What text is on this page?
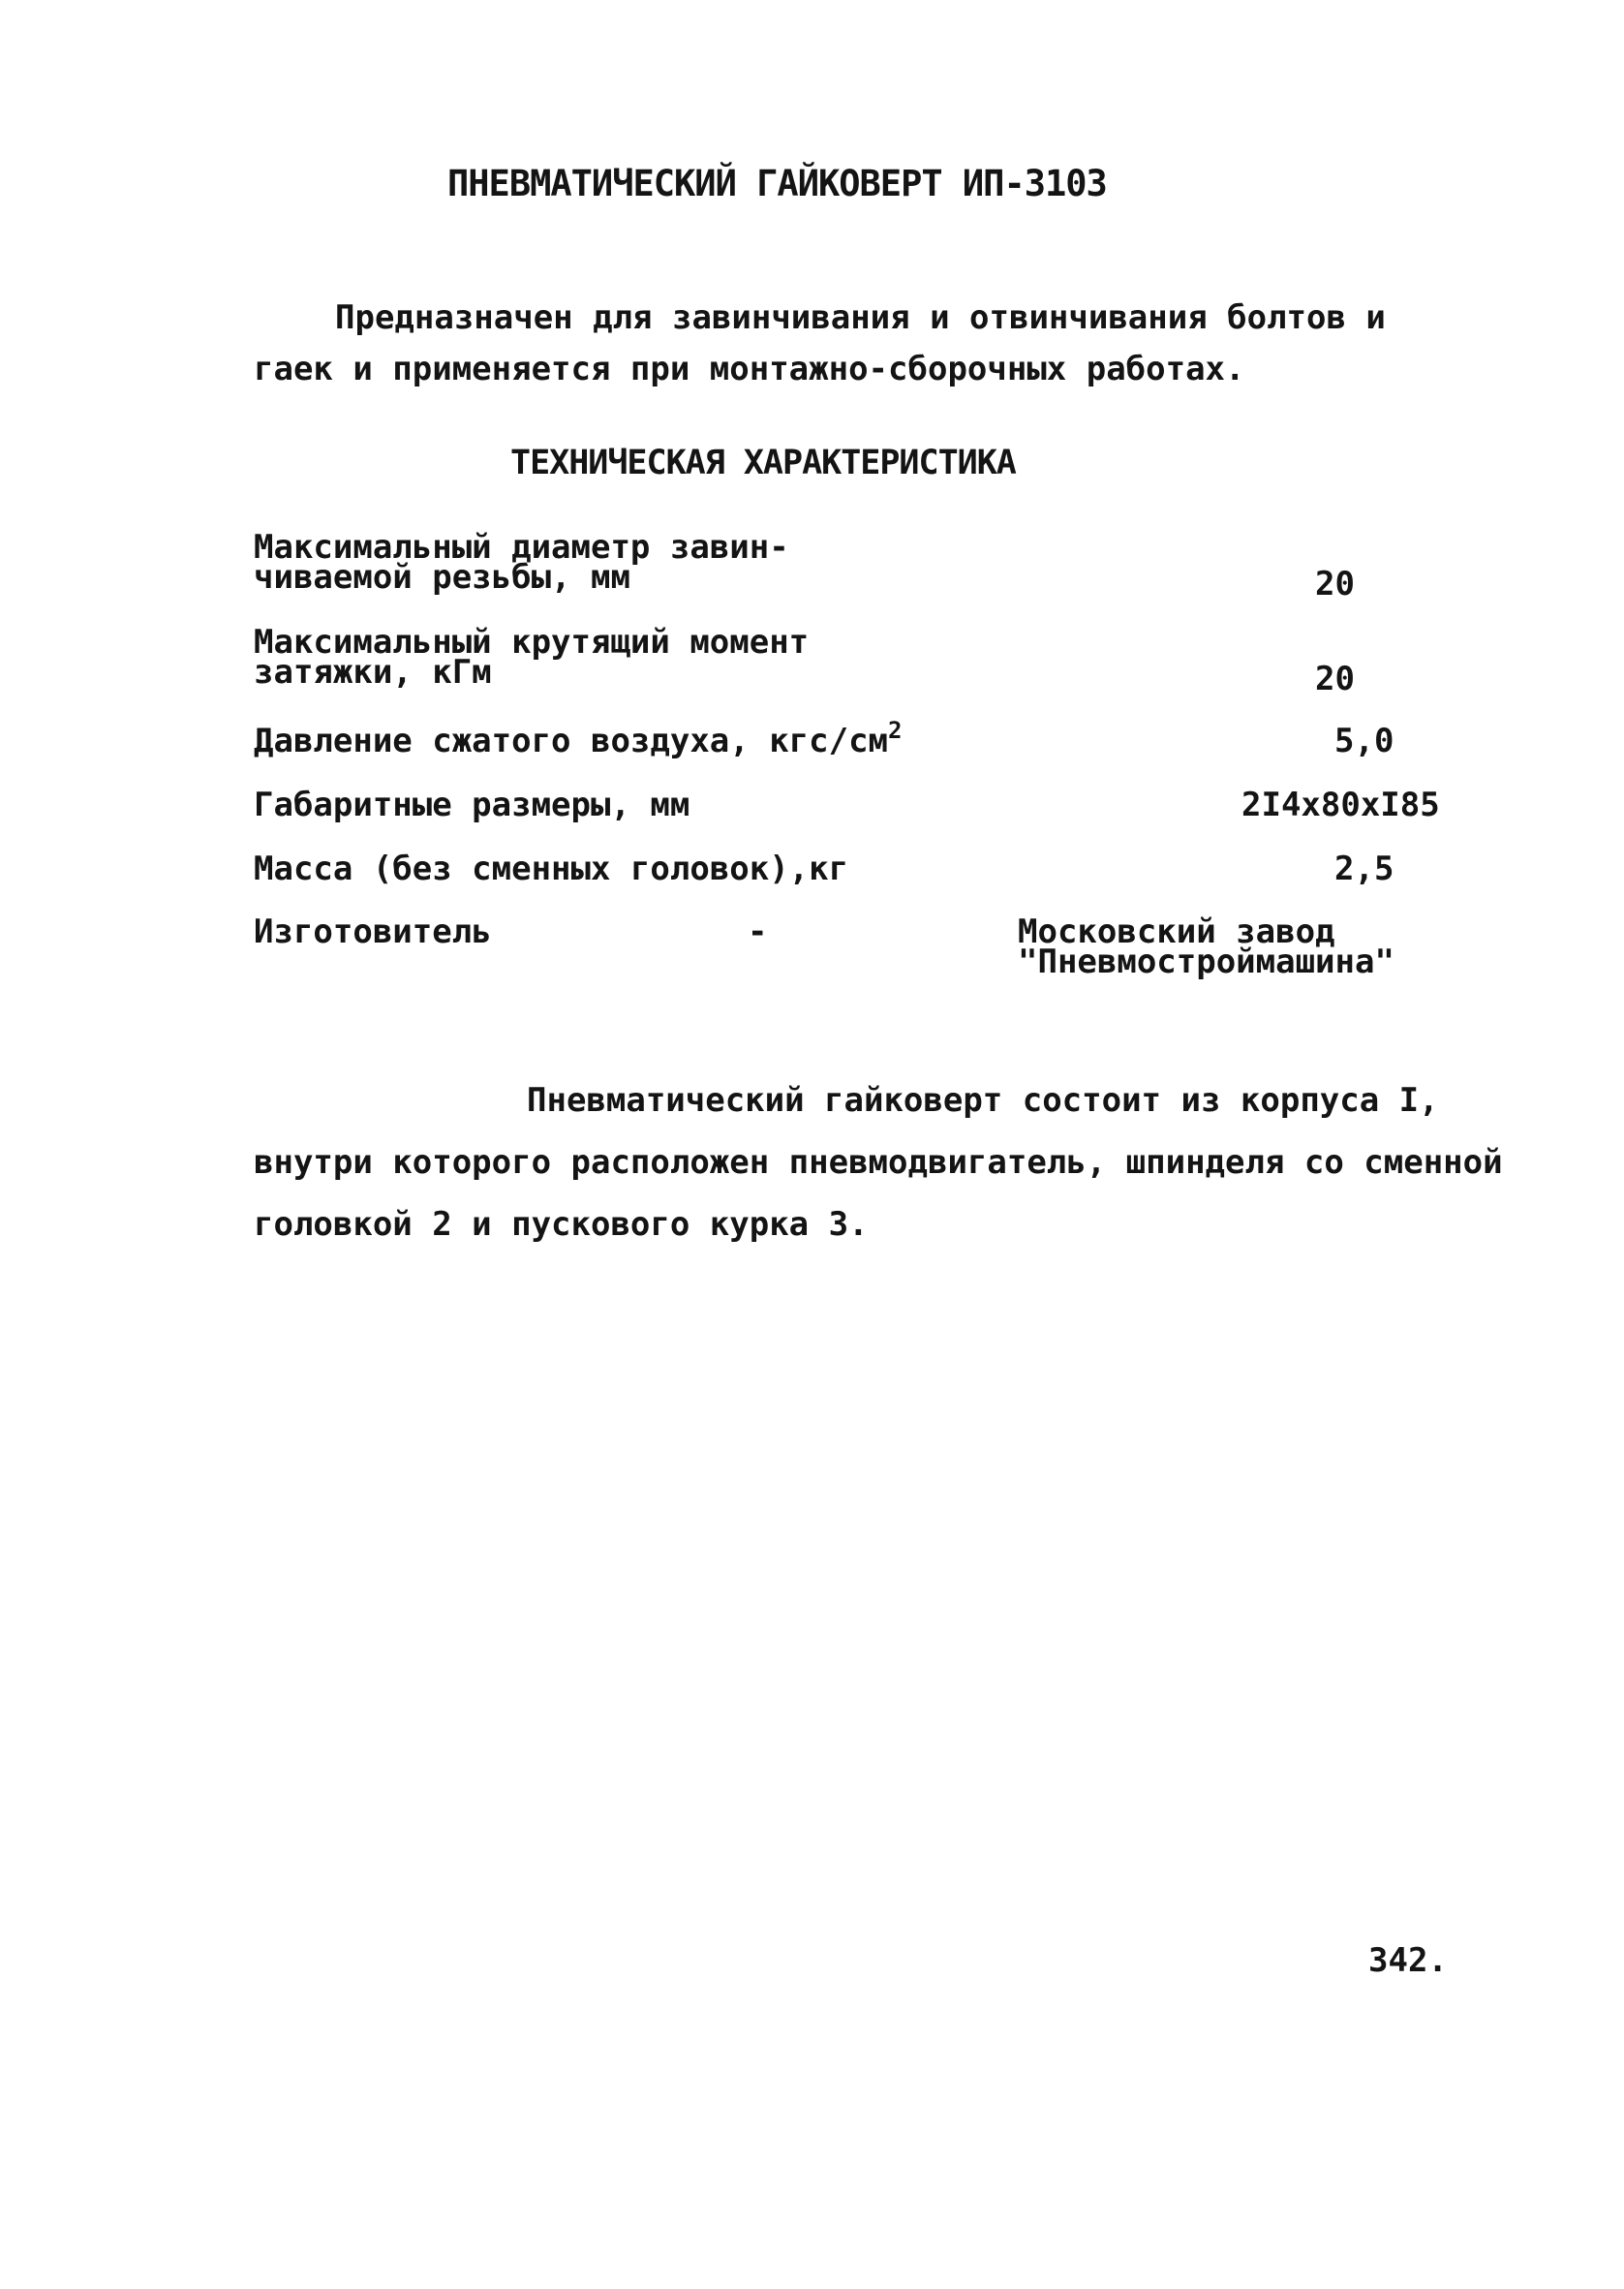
ПНЕВМАТИЧЕСКИЙ ГАЙКОВЕРТ ИП-3103
Предназначен для завинчивания и отвинчивания болтов и
гаек и применяется при монтажно-сборочных работах.
ТЕХНИЧЕСКАЯ ХАРАКТЕРИСТИКА
Максимальный диаметр завин-
чиваемой резьбы, мм	20
Максимальный крутящий момент
затяжки, кГм	20
Давление сжатого воздуха, кгс/$см^2$	5,0
Габаритные размеры, мм	2I4x80xI85
Масса (без сменных головок),кг	2,5
Изготовитель	-	Московский завод
"Пневмостроймашина"
Пневматический гайковерт состоит из корпуса I,
внутри которого расположен пневмодвигатель, шпинделя со сменной
головкой 2 и пускового курка 3.
342.
